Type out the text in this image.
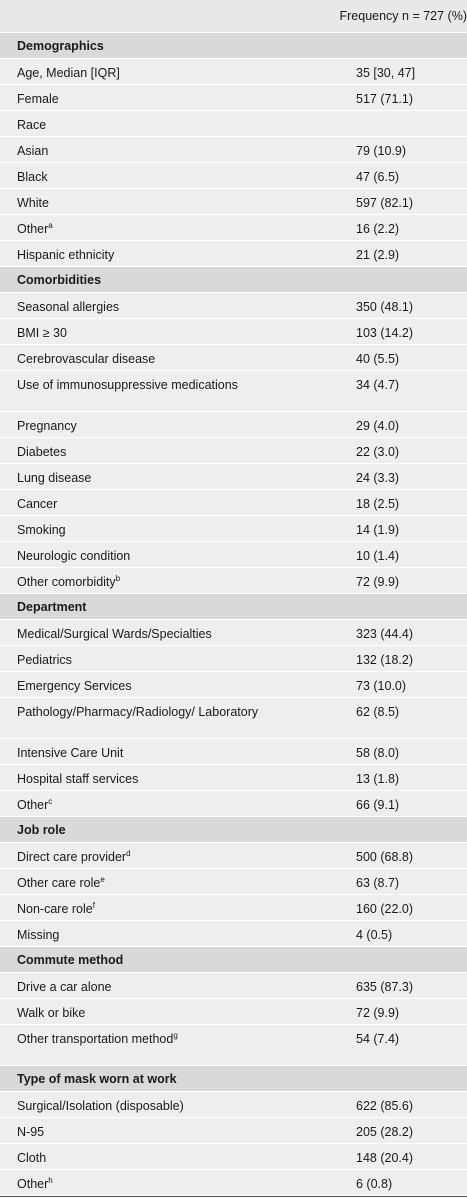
Frequency n = 727 (%)
Demographics
Age, Median [IQR]	35 [30, 47]
Female	517 (71.1)
Race
Asian	79 (10.9)
Black	47 (6.5)
White	597 (82.1)
Other$^a$	16 (2.2)
Hispanic ethnicity	21 (2.9)
Comorbidities
Seasonal allergies	350 (48.1)
BMI ≥ 30	103 (14.2)
Cerebrovascular disease	40 (5.5)
Use of immunosuppressive medications	34 (4.7)
Pregnancy	29 (4.0)
Diabetes	22 (3.0)
Lung disease	24 (3.3)
Cancer	18 (2.5)
Smoking	14 (1.9)
Neurologic condition	10 (1.4)
Other comorbidity$^b$	72 (9.9)
Department
Medical/Surgical Wards/Specialties	323 (44.4)
Pediatrics	132 (18.2)
Emergency Services	73 (10.0)
Pathology/Pharmacy/Radiology/ Laboratory	62 (8.5)
Intensive Care Unit	58 (8.0)
Hospital staff services	13 (1.8)
Other$^c$	66 (9.1)
Job role
Direct care provider$^d$	500 (68.8)
Other care role$^e$	63 (8.7)
Non-care role$^f$	160 (22.0)
Missing	4 (0.5)
Commute method
Drive a car alone	635 (87.3)
Walk or bike	72 (9.9)
Other transportation method$^g$	54 (7.4)
Type of mask worn at work
Surgical/Isolation (disposable)	622 (85.6)
N-95	205 (28.2)
Cloth	148 (20.4)
Other$^h$	6 (0.8)
